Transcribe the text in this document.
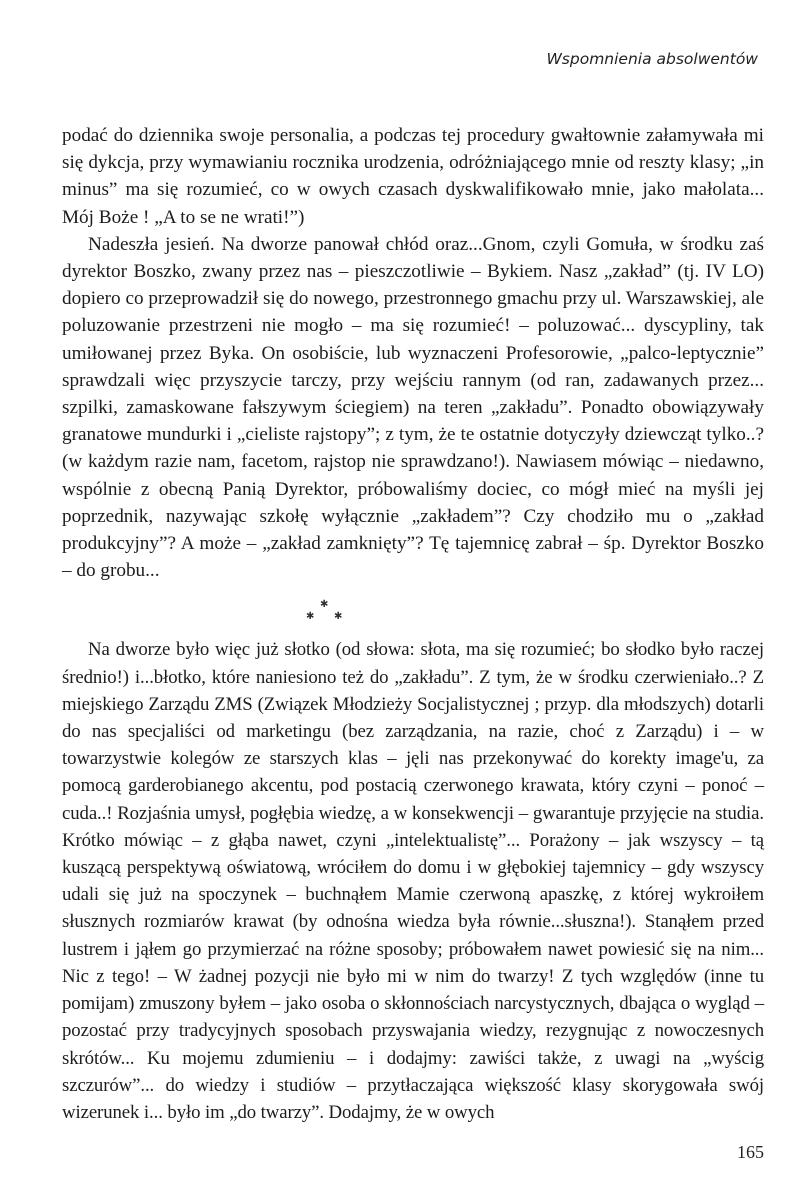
Wspomnienia absolwentów

podać do dziennika swoje personalia, a podczas tej procedury gwałtownie załamywała mi się dykcja, przy wymawianiu rocznika urodzenia, odróżniającego mnie od reszty klasy; „in minus” ma się rozumieć, co w owych czasach dyskwalifikowało mnie, jako małolata... Mój Boże ! „A to se ne wrati!”)

Nadeszła jesień. Na dworze panował chłód oraz...Gnom, czyli Gomuła, w środku zaś dyrektor Boszko, zwany przez nas – pieszczotliwie – Bykiem. Nasz „zakład” (tj. IV LO) dopiero co przeprowadził się do nowego, przestronnego gmachu przy ul. Warszawskiej, ale poluzowanie przestrzeni nie mogło – ma się rozumieć! – poluzować... dyscypliny, tak umiłowanej przez Byka. On osobiście, lub wyznaczeni Profesorowie, „palco-leptycznie” sprawdzali więc przyszycie tarczy, przy wejściu rannym (od ran, zadawanych przez... szpilki, zamaskowane fałszywym ściegiem) na teren „zakładu”. Ponadto obowiązywały granatowe mundurki i „cieliste rajstopy”; z tym, że te ostatnie dotyczyły dziewcząt tylko..? (w każdym razie nam, facetom, rajstop nie sprawdzano!). Nawiasem mówiąc – niedawno, wspólnie z obecną Panią Dyrektor, próbowaliśmy dociec, co mógł mieć na myśli jej poprzednik, nazywając szkołę wyłącznie „zakładem”? Czy chodziło mu o „zakład produkcyjny”? A może – „zakład zamknięty”? Tę tajemnicę zabrał – śp. Dyrektor Boszko – do grobu...

✱
✱ ✱

Na dworze było więc już słotko (od słowa: słota, ma się rozumieć; bo słodko było raczej średnio!) i...błotko, które naniesiono też do „zakładu”. Z tym, że w środku czerwieniało..? Z miejskiego Zarządu ZMS (Związek Młodzieży Socjalistycznej ; przyp. dla młodszych) dotarli do nas specjaliści od marketingu (bez zarządzania, na razie, choć z Zarządu) i – w towarzystwie kolegów ze starszych klas – jęli nas przekonywać do korekty image'u, za pomocą garderobianego akcentu, pod postacią czerwonego krawata, który czyni – ponoć – cuda..! Rozjaśnia umysł, pogłębia wiedzę, a w konsekwencji – gwarantuje przyjęcie na studia. Krótko mówiąc – z głąba nawet, czyni „intelektualistę”... Porażony – jak wszyscy – tą kuszącą perspektywą oświatową, wróciłem do domu i w głębokiej tajemnicy – gdy wszyscy udali się już na spoczynek – buchnąłem Mamie czerwoną apaszkę, z której wykroiłem słusznych rozmiarów krawat (by odnośna wiedza była równie...słuszna!). Stanąłem przed lustrem i jąłem go przymierzać na różne sposoby; próbowałem nawet powiesić się na nim... Nic z tego! – W żadnej pozycji nie było mi w nim do twarzy! Z tych względów (inne tu pomijam) zmuszony byłem – jako osoba o skłonnościach narcystycznych, dbająca o wygląd – pozostać przy tradycyjnych sposobach przyswajania wiedzy, rezygnując z nowoczesnych skrótów... Ku mojemu zdumieniu – i dodajmy: zawiści także, z uwagi na „wyścig szczurów”... do wiedzy i studiów – przytłaczająca większość klasy skorygowała swój wizerunek i... było im „do twarzy”. Dodajmy, że w owych

165
